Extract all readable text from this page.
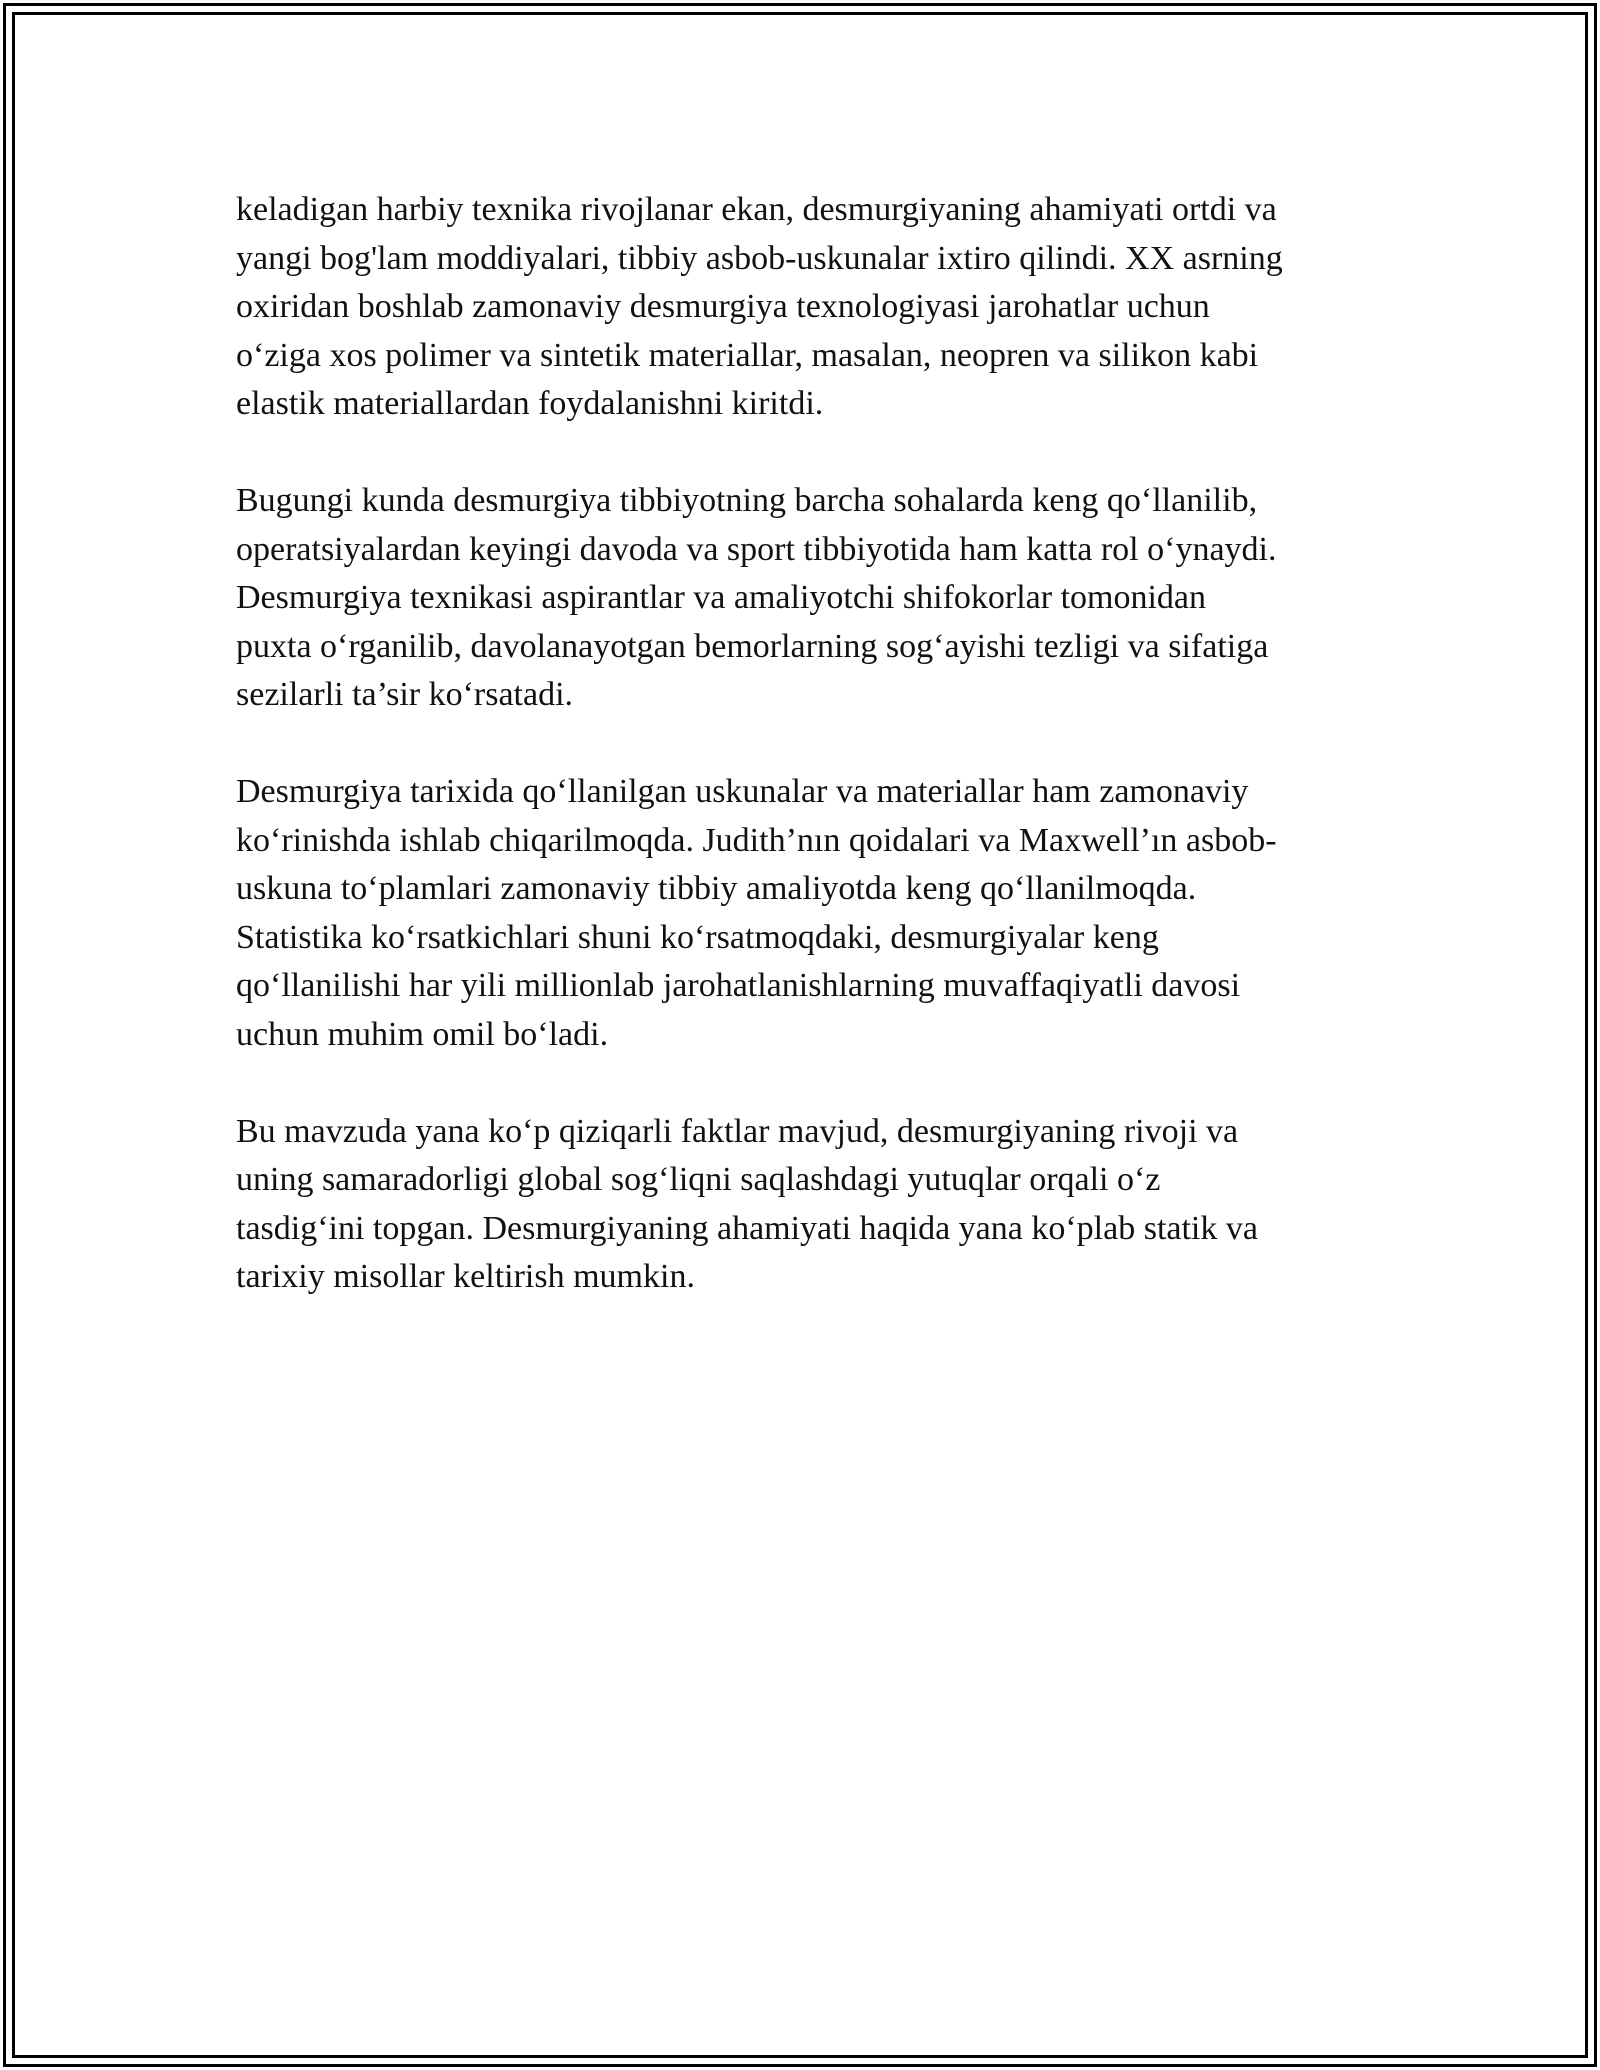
keladigan harbiy texnika rivojlanar ekan, desmurgiyaning ahamiyati ortdi va
yangi bog'lam moddiyalari, tibbiy asbob-uskunalar ixtiro qilindi. XX asrning
oxiridan boshlab zamonaviy desmurgiya texnologiyasi jarohatlar uchun
o‘ziga xos polimer va sintetik materiallar, masalan, neopren va silikon kabi
elastik materiallardan foydalanishni kiritdi.

Bugungi kunda desmurgiya tibbiyotning barcha sohalarda keng qo‘llanilib,
operatsiyalardan keyingi davoda va sport tibbiyotida ham katta rol o‘ynaydi.
Desmurgiya texnikasi aspirantlar va amaliyotchi shifokorlar tomonidan
puxta o‘rganilib, davolanayotgan bemorlarning sog‘ayishi tezligi va sifatiga
sezilarli ta’sir ko‘rsatadi.

Desmurgiya tarixida qo‘llanilgan uskunalar va materiallar ham zamonaviy
ko‘rinishda ishlab chiqarilmoqda. Judith’nın qoidalari va Maxwell’ın asbob-
uskuna to‘plamlari zamonaviy tibbiy amaliyotda keng qo‘llanilmoqda.
Statistika ko‘rsatkichlari shuni ko‘rsatmoqdaki, desmurgiyalar keng
qo‘llanilishi har yili millionlab jarohatlanishlarning muvaffaqiyatli davosi
uchun muhim omil bo‘ladi.

Bu mavzuda yana ko‘p qiziqarli faktlar mavjud, desmurgiyaning rivoji va
uning samaradorligi global sog‘liqni saqlashdagi yutuqlar orqali o‘z
tasdig‘ini topgan. Desmurgiyaning ahamiyati haqida yana ko‘plab statik va
tarixiy misollar keltirish mumkin.
